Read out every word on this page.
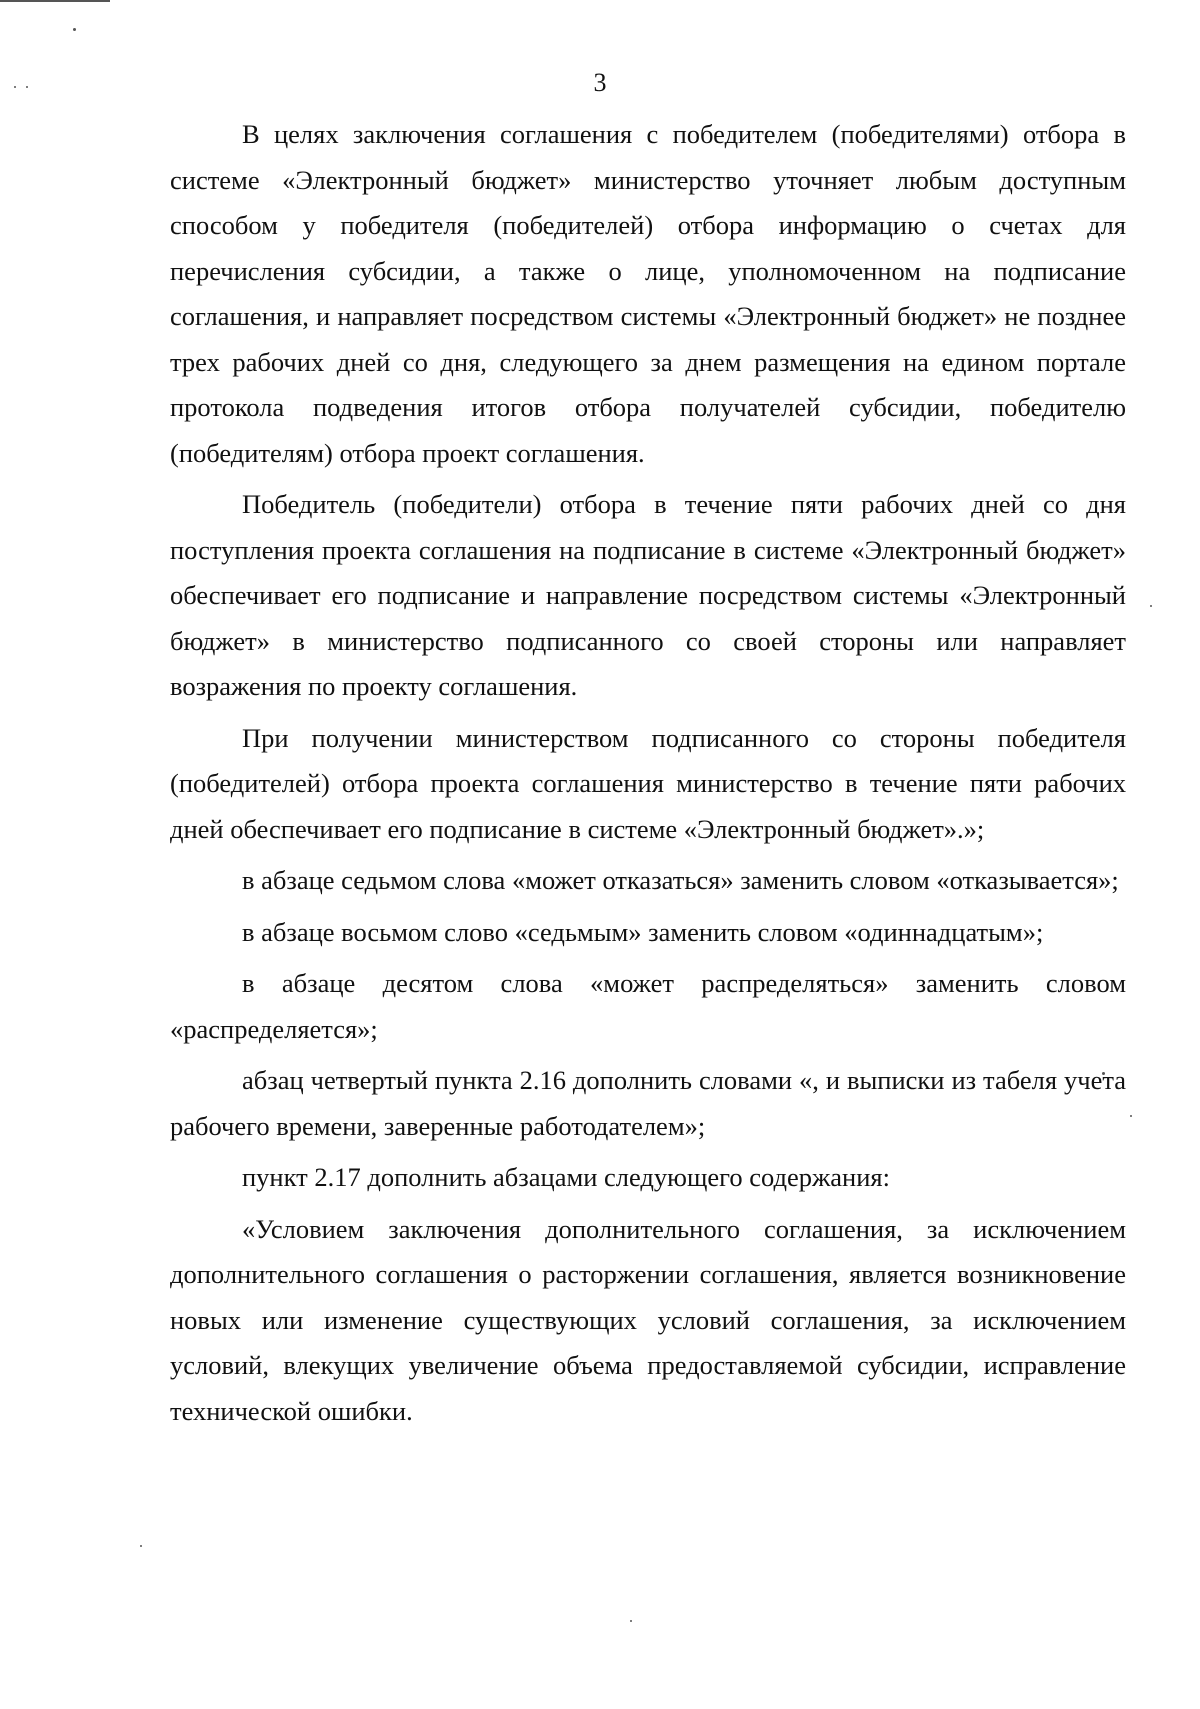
3

В целях заключения соглашения с победителем (победителями) отбора в системе «Электронный бюджет» министерство уточняет любым доступным способом у победителя (победителей) отбора информацию о счетах для перечисления субсидии, а также о лице, уполномоченном на подписание соглашения, и направляет посредством системы «Электронный бюджет» не позднее трех рабочих дней со дня, следующего за днем размещения на едином портале протокола подведения итогов отбора получателей субсидии, победителю (победителям) отбора проект соглашения.

Победитель (победители) отбора в течение пяти рабочих дней со дня поступления проекта соглашения на подписание в системе «Электронный бюджет» обеспечивает его подписание и направление посредством системы «Электронный бюджет» в министерство подписанного со своей стороны или направляет возражения по проекту соглашения.

При получении министерством подписанного со стороны победителя (победителей) отбора проекта соглашения министерство в течение пяти рабочих дней обеспечивает его подписание в системе «Электронный бюджет».»;

в абзаце седьмом слова «может отказаться» заменить словом «отказывается»;

в абзаце восьмом слово «седьмым» заменить словом «одиннадцатым»;

в абзаце десятом слова «может распределяться» заменить словом «распределяется»;

абзац четвертый пункта 2.16 дополнить словами «, и выписки из табеля учета рабочего времени, заверенные работодателем»;

пункт 2.17 дополнить абзацами следующего содержания:

«Условием заключения дополнительного соглашения, за исключением дополнительного соглашения о расторжении соглашения, является возникновение новых или изменение существующих условий соглашения, за исключением условий, влекущих увеличение объема предоставляемой субсидии, исправление технической ошибки.
